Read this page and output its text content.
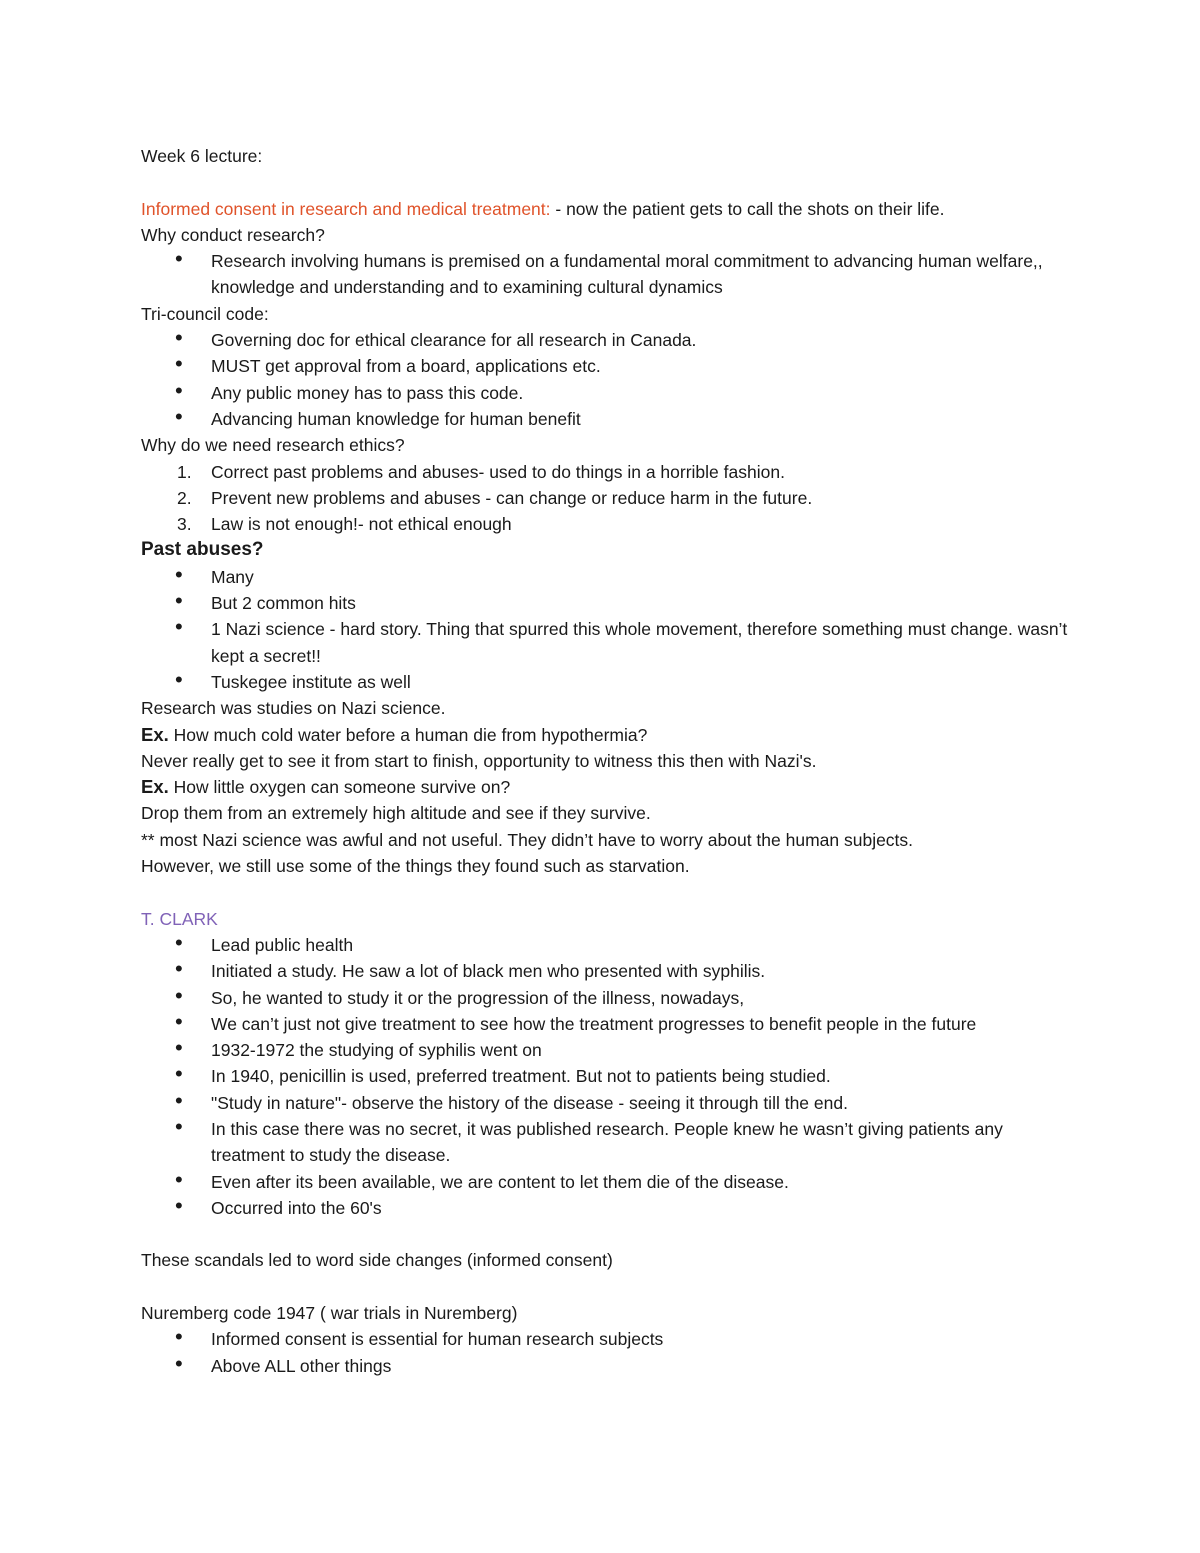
Week 6 lecture:
Informed consent in research and medical treatment: - now the patient gets to call the shots on their life.
Why conduct research?
• Research involving humans is premised on a fundamental moral commitment to advancing human welfare,, knowledge and understanding and to examining cultural dynamics
Tri-council code:
• Governing doc for ethical clearance for all research in Canada.
• MUST get approval from a board, applications etc.
• Any public money has to pass this code.
• Advancing human knowledge for human benefit
Why do we need research ethics?
1. Correct past problems and abuses- used to do things in a horrible fashion.
2. Prevent new problems and abuses - can change or reduce harm in the future.
3. Law is not enough!- not ethical enough
Past abuses?
• Many
• But 2 common hits
• 1 Nazi science - hard story. Thing that spurred this whole movement, therefore something must change. wasn’t kept a secret!!
• Tuskegee institute as well
Research was studies on Nazi science.
Ex. How much cold water before a human die from hypothermia?
Never really get to see it from start to finish, opportunity to witness this then with Nazi's.
Ex. How little oxygen can someone survive on?
Drop them from an extremely high altitude and see if they survive.
** most Nazi science was awful and not useful. They didn’t have to worry about the human subjects.
However, we still use some of the things they found such as starvation.
T. CLARK
• Lead public health
• Initiated a study. He saw a lot of black men who presented with syphilis.
• So, he wanted to study it or the progression of the illness, nowadays,
• We can’t just not give treatment to see how the treatment progresses to benefit people in the future
• 1932-1972 the studying of syphilis went on
• In 1940, penicillin is used, preferred treatment. But not to patients being studied.
• "Study in nature"- observe the history of the disease - seeing it through till the end.
• In this case there was no secret, it was published research. People knew he wasn’t giving patients any treatment to study the disease.
• Even after its been available, we are content to let them die of the disease.
• Occurred into the 60's
These scandals led to word side changes (informed consent)
Nuremberg code 1947 ( war trials in Nuremberg)
• Informed consent is essential for human research subjects
• Above ALL other things
